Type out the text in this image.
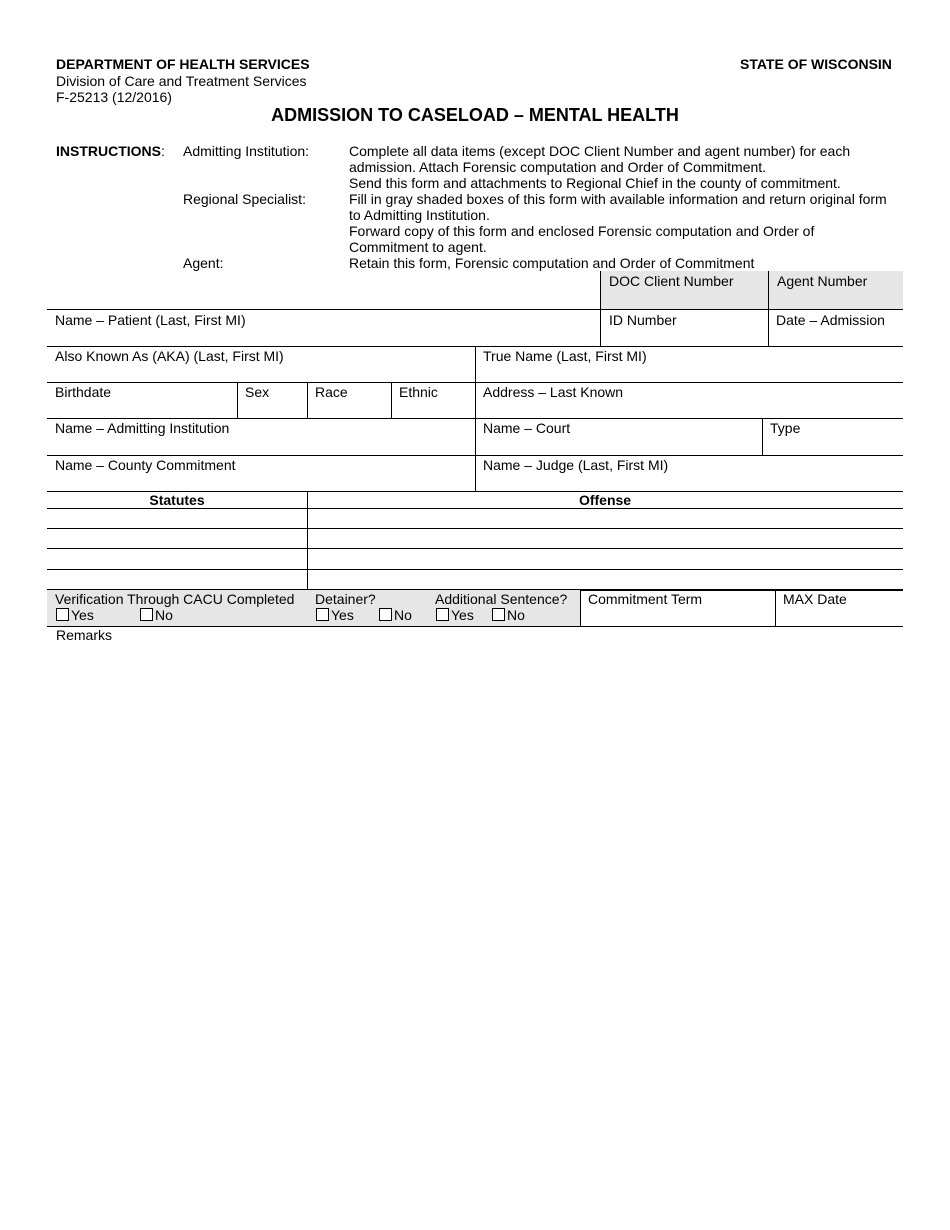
DEPARTMENT OF HEALTH SERVICES
Division of Care and Treatment Services
F-25213 (12/2016)
STATE OF WISCONSIN
ADMISSION TO CASELOAD – MENTAL HEALTH
INSTRUCTIONS: Admitting Institution:	Complete all data items (except DOC Client Number and agent number) for each
admission. Attach Forensic computation and Order of Commitment.
Send this form and attachments to Regional Chief in the county of commitment.
Regional Specialist:	Fill in gray shaded boxes of this form with available information and return original form
to Admitting Institution.
Forward copy of this form and enclosed Forensic computation and Order of
Commitment to agent.
Agent:	Retain this form, Forensic computation and Order of Commitment
DOC Client Number	Agent Number
Name – Patient (Last, First MI)	ID Number	Date – Admission
Also Known As (AKA) (Last, First MI)	True Name (Last, First MI)
Birthdate	Sex	Race	Ethnic	Address – Last Known
Name – Admitting Institution	Name – Court	Type
Name – County Commitment	Name – Judge (Last, First MI)
Statutes	Offense
Verification Through CACU Completed
Yes	No
Detainer?
Yes	No
Additional Sentence?
Yes No
Commitment Term	MAX Date
Remarks
